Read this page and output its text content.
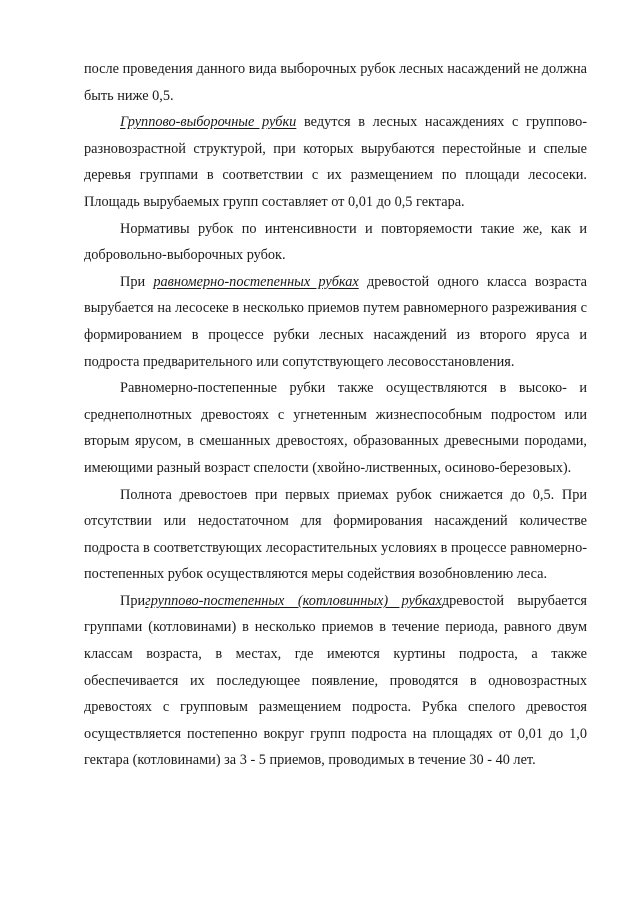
после проведения данного вида выборочных рубок лесных насаждений не должна быть ниже 0,5.

Группово-выборочные рубки ведутся в лесных насаждениях с группово-разновозрастной структурой, при которых вырубаются перестойные и спелые деревья группами в соответствии с их размещением по площади лесосеки. Площадь вырубаемых групп составляет от 0,01 до 0,5 гектара.

Нормативы рубок по интенсивности и повторяемости такие же, как и добровольно-выборочных рубок.

При равномерно-постепенных рубках древостой одного класса возраста вырубается на лесосеке в несколько приемов путем равномерного разреживания с формированием в процессе рубки лесных насаждений из второго яруса и подроста предварительного или сопутствующего лесовосстановления.

Равномерно-постепенные рубки также осуществляются в высоко- и среднеполнотных древостоях с угнетенным жизнеспособным подростом или вторым ярусом, в смешанных древостоях, образованных древесными породами, имеющими разный возраст спелости (хвойно-лиственных, осиново-березовых).

Полнота древостоев при первых приемах рубок снижается до 0,5. При отсутствии или недостаточном для формирования насаждений количестве подроста в соответствующих лесорастительных условиях в процессе равномерно-постепенных рубок осуществляются меры содействия возобновлению леса.

Пригруппово-постепенных (котловинных) рубкахдревостой вырубается группами (котловинами) в несколько приемов в течение периода, равного двум классам возраста, в местах, где имеются куртины подроста, а также обеспечивается их последующее появление, проводятся в одновозрастных древостоях с групповым размещением подроста. Рубка спелого древостоя осуществляется постепенно вокруг групп подроста на площадях от 0,01 до 1,0 гектара (котловинами) за 3 - 5 приемов, проводимых в течение 30 - 40 лет.
